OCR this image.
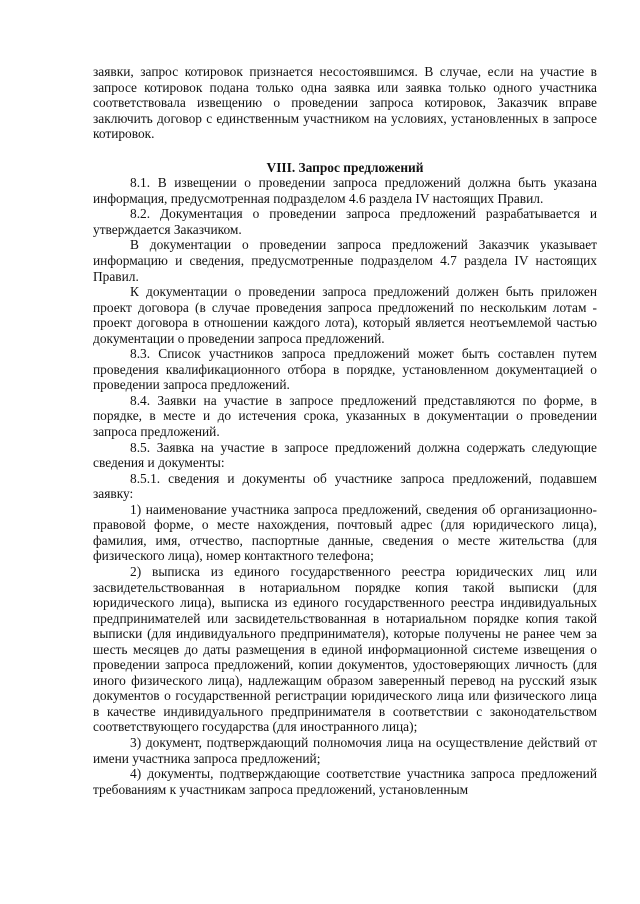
заявки, запрос котировок признается несостоявшимся. В случае, если на участие в запросе котировок подана только одна заявка или заявка только одного участника соответствовала извещению о проведении запроса котировок, Заказчик вправе заключить договор с единственным участником на условиях, установленных в запросе котировок.

VIII. Запрос предложений

8.1. В извещении о проведении запроса предложений должна быть указана информация, предусмотренная подразделом 4.6 раздела IV настоящих Правил.

8.2. Документация о проведении запроса предложений разрабатывается и утверждается Заказчиком.

В документации о проведении запроса предложений Заказчик указывает информацию и сведения, предусмотренные подразделом 4.7 раздела IV настоящих Правил.

К документации о проведении запроса предложений должен быть приложен проект договора (в случае проведения запроса предложений по нескольким лотам - проект договора в отношении каждого лота), который является неотъемлемой частью документации о проведении запроса предложений.

8.3. Список участников запроса предложений может быть составлен путем проведения квалификационного отбора в порядке, установленном документацией о проведении запроса предложений.

8.4. Заявки на участие в запросе предложений представляются по форме, в порядке, в месте и до истечения срока, указанных в документации о проведении запроса предложений.

8.5. Заявка на участие в запросе предложений должна содержать следующие сведения и документы:

8.5.1. сведения и документы об участнике запроса предложений, подавшем заявку:

1) наименование участника запроса предложений, сведения об организационно-правовой форме, о месте нахождения, почтовый адрес (для юридического лица), фамилия, имя, отчество, паспортные данные, сведения о месте жительства (для физического лица), номер контактного телефона;

2) выписка из единого государственного реестра юридических лиц или засвидетельствованная в нотариальном порядке копия такой выписки (для юридического лица), выписка из единого государственного реестра индивидуальных предпринимателей или засвидетельствованная в нотариальном порядке копия такой выписки (для индивидуального предпринимателя), которые получены не ранее чем за шесть месяцев до даты размещения в единой информационной системе извещения о проведении запроса предложений, копии документов, удостоверяющих личность (для иного физического лица), надлежащим образом заверенный перевод на русский язык документов о государственной регистрации юридического лица или физического лица в качестве индивидуального предпринимателя в соответствии с законодательством соответствующего государства (для иностранного лица);

3) документ, подтверждающий полномочия лица на осуществление действий от имени участника запроса предложений;

4) документы, подтверждающие соответствие участника запроса предложений требованиям к участникам запроса предложений, установленным
